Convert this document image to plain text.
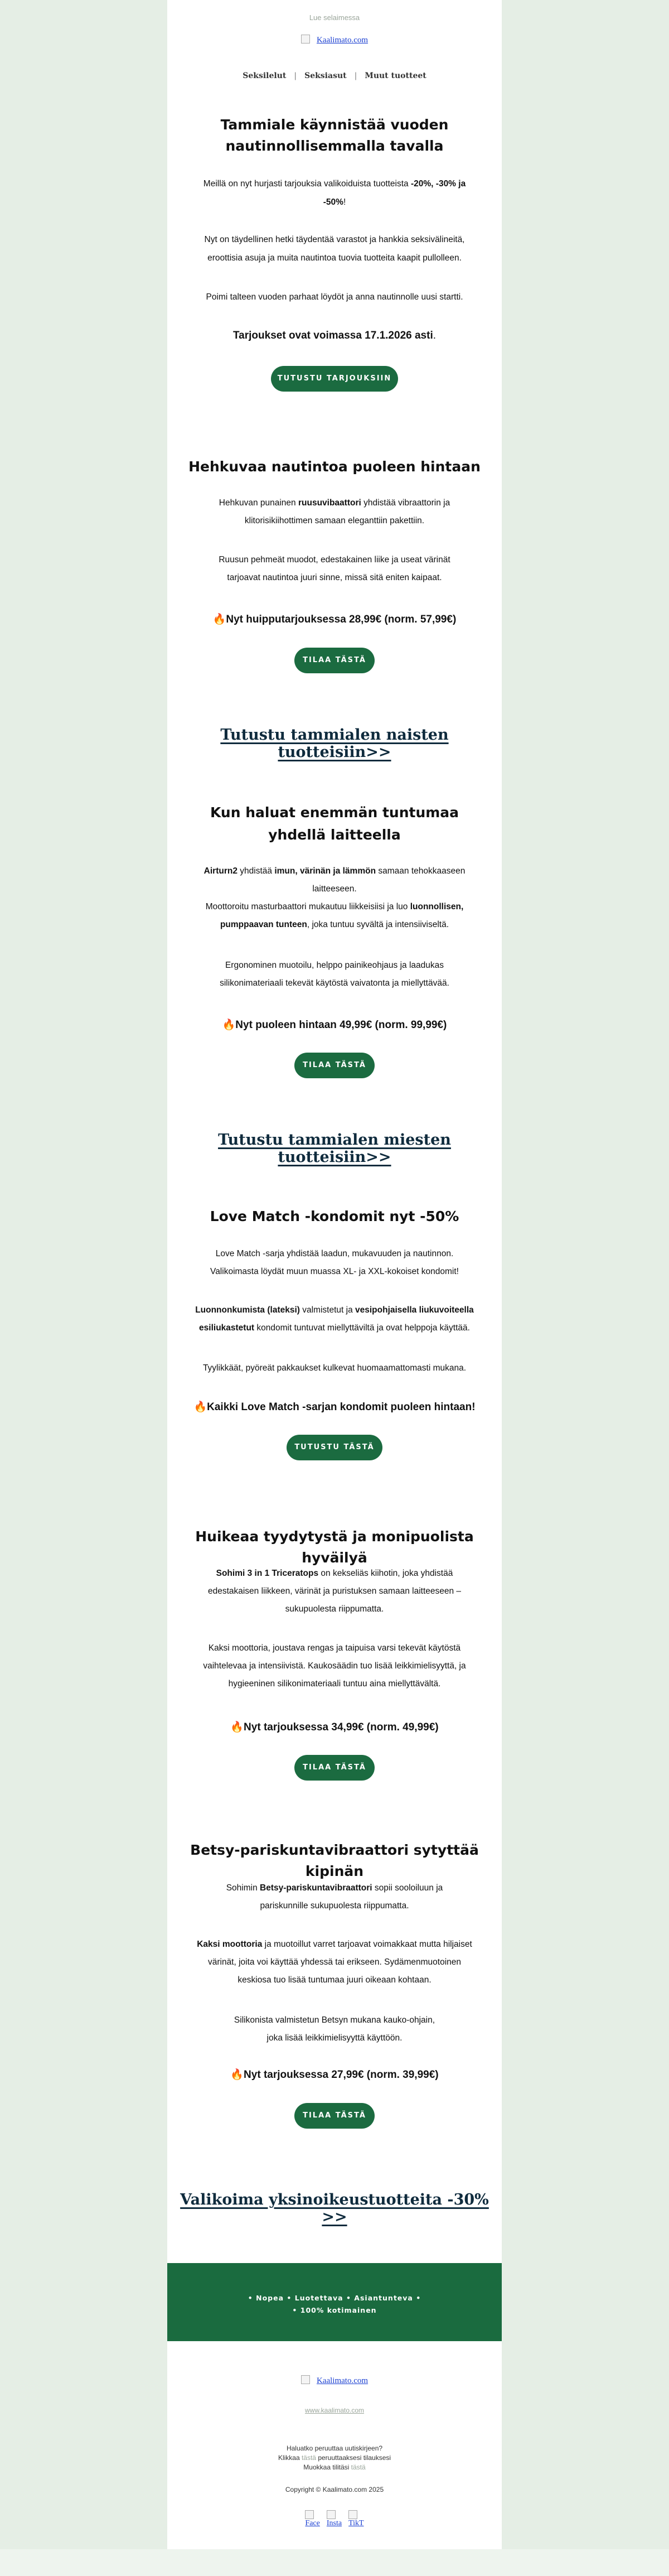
Lue selaimessa
Kaalimato.com
Seksilelut | Seksiasut | Muut tuotteet
Tammiale käynnistää vuoden nautinnollisemmalla tavalla
Meillä on nyt hurjasti tarjouksia valikoiduista tuotteista -20%, -30% ja -50%!
Nyt on täydellinen hetki täydentää varastot ja hankkia seksivälineitä, eroottisia asuja ja muita nautintoa tuovia tuotteita kaapit pullolleen.
Poimi talteen vuoden parhaat löydöt ja anna nautinnolle uusi startti.
Tarjoukset ovat voimassa 17.1.2026 asti.
TUTUSTU TARJOUKSIIN
Hehkuvaa nautintoa puoleen hintaan
Hehkuvan punainen ruusuvibaattori yhdistää vibraattorin ja klitorisikiihottimen samaan eleganttiin pakettiin.
Ruusun pehmeät muodot, edestakainen liike ja useat värinät tarjoavat nautintoa juuri sinne, missä sitä eniten kaipaat.
🔥Nyt huipputarjouksessa 28,99€ (norm. 57,99€)
TILAA TÄSTÄ
Tutustu tammialen naisten tuotteisiin>>
Kun haluat enemmän tuntumaa
yhdellä laitteella
Airturn2 yhdistää imun, värinän ja lämmön samaan tehokkaaseen laitteeseen.
Moottoroitu masturbaattori mukautuu liikkeisiisi ja luo luonnollisen, pumppaavan tunteen, joka tuntuu syvältä ja intensiiviseltä.
Ergonominen muotoilu, helppo painikeohjaus ja laadukas silikonimateriaali tekevät käytöstä vaivatonta ja miellyttävää.
🔥Nyt puoleen hintaan 49,99€ (norm. 99,99€)
TILAA TÄSTÄ
Tutustu tammialen miesten tuotteisiin>>
Love Match -kondomit nyt -50%
Love Match -sarja yhdistää laadun, mukavuuden ja nautinnon. Valikoimasta löydät muun muassa XL- ja XXL-kokoiset kondomit!
Luonnonkumista (lateksi) valmistetut ja vesipohjaisella liukuvoiteella esiliukastetut kondomit tuntuvat miellyttäviltä ja ovat helppoja käyttää.
Tyylikkäät, pyöreät pakkaukset kulkevat huomaamattomasti mukana.
🔥Kaikki Love Match -sarjan kondomit puoleen hintaan!
TUTUSTU TÄSTÄ
Huikeaa tyydytystä ja monipuolista hyväilyä
Sohimi 3 in 1 Triceratops on kekseliäs kiihotin, joka yhdistää edestakaisen liikkeen, värinät ja puristuksen samaan laitteeseen – sukupuolesta riippumatta.
Kaksi moottoria, joustava rengas ja taipuisa varsi tekevät käytöstä vaihtelevaa ja intensiivistä. Kaukosäädin tuo lisää leikkimielisyyttä, ja hygieeninen silikonimateriaali tuntuu aina miellyttävältä.
🔥Nyt tarjouksessa 34,99€ (norm. 49,99€)
TILAA TÄSTÄ
Betsy-pariskuntavibraattori sytyttää kipinän
Sohimin Betsy-pariskuntavibraattori sopii sooloiluun ja pariskunnille sukupuolesta riippumatta.
Kaksi moottoria ja muotoillut varret tarjoavat voimakkaat mutta hiljaiset värinät, joita voi käyttää yhdessä tai erikseen. Sydämenmuotoinen keskiosa tuo lisää tuntumaa juuri oikeaan kohtaan.
Silikonista valmistetun Betsyn mukana kauko-ohjain, joka lisää leikkimielisyyttä käyttöön.
🔥Nyt tarjouksessa 27,99€ (norm. 39,99€)
TILAA TÄSTÄ
Valikoima yksinoikeustuotteita -30% >>
• Nopea • Luotettava • Asiantunteva •
• 100% kotimainen
Kaalimato.com
www.kaalimato.com
Haluatko peruuttaa uutiskirjeen?
Klikkaa tästä peruuttaaksesi tilauksesi
Muokkaa tilitäsi tästä
Copyright © Kaalimato.com 2025
Face Insta TikT
